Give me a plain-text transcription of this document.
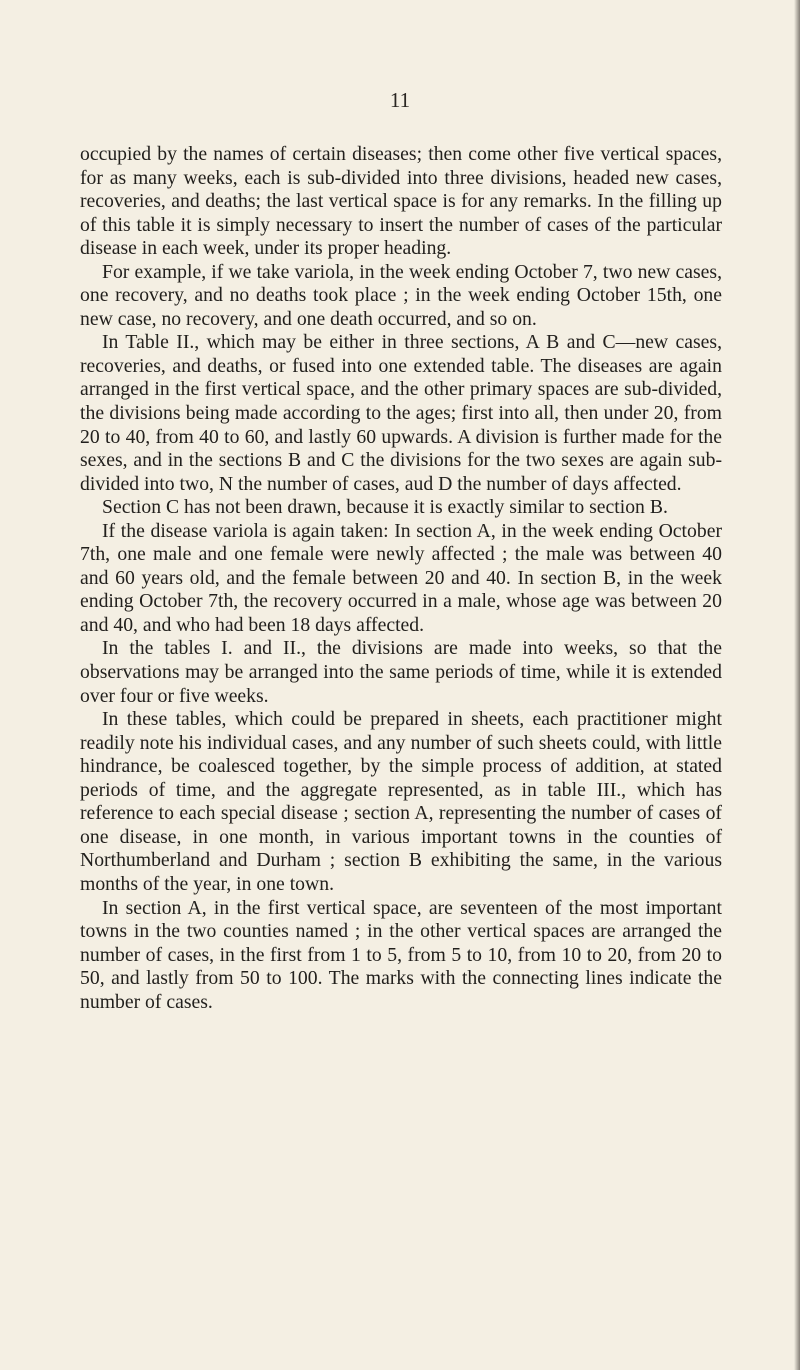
11

occupied by the names of certain diseases; then come other five vertical spaces, for as many weeks, each is sub-divided into three divisions, headed new cases, recoveries, and deaths; the last vertical space is for any remarks. In the filling up of this table it is simply necessary to insert the number of cases of the particular disease in each week, under its proper heading.

For example, if we take variola, in the week ending October 7, two new cases, one recovery, and no deaths took place ; in the week ending October 15th, one new case, no recovery, and one death occurred, and so on.

In Table II., which may be either in three sections, A B and C—new cases, recoveries, and deaths, or fused into one extended table. The diseases are again arranged in the first vertical space, and the other primary spaces are sub-divided, the divisions being made according to the ages; first into all, then under 20, from 20 to 40, from 40 to 60, and lastly 60 upwards. A division is further made for the sexes, and in the sections B and C the divisions for the two sexes are again sub-divided into two, N the number of cases, aud D the number of days affected.

Section C has not been drawn, because it is exactly similar to section B.

If the disease variola is again taken: In section A, in the week ending October 7th, one male and one female were newly affected ; the male was between 40 and 60 years old, and the female between 20 and 40. In section B, in the week ending October 7th, the recovery occurred in a male, whose age was between 20 and 40, and who had been 18 days affected.

In the tables I. and II., the divisions are made into weeks, so that the observations may be arranged into the same periods of time, while it is extended over four or five weeks.

In these tables, which could be prepared in sheets, each practitioner might readily note his individual cases, and any number of such sheets could, with little hindrance, be coalesced together, by the simple process of addition, at stated periods of time, and the aggregate represented, as in table III., which has reference to each special disease ; section A, representing the number of cases of one disease, in one month, in various important towns in the counties of Northumberland and Durham ; section B exhibiting the same, in the various months of the year, in one town.

In section A, in the first vertical space, are seventeen of the most important towns in the two counties named ; in the other vertical spaces are arranged the number of cases, in the first from 1 to 5, from 5 to 10, from 10 to 20, from 20 to 50, and lastly from 50 to 100. The marks with the connecting lines indicate the number of cases.
